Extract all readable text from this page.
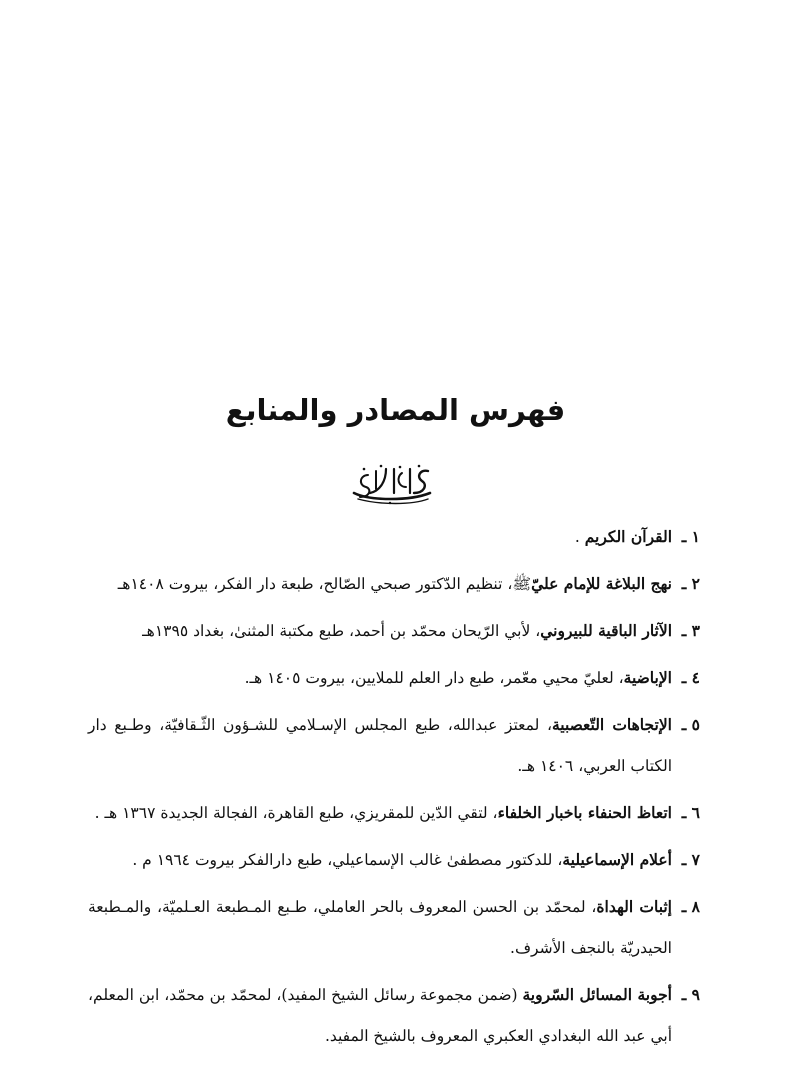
فهرس المصادر والمنابع
١ ـ
القرآن الكريم .
٢ ـ
نهج البلاغة للإمام عليّﷺ، تنظيم الدّكتور صبحي الصّالح، طبعة دار الفكر، بيروت ١٤٠٨هـ
٣ ـ
الآثار الباقية للبيروني، لأبي الرّيحان محمّد بن أحمد، طبع مكتبة المثنىٰ، بغداد ١٣٩٥هـ
٤ ـ
الإباضية، لعليّ محيي معّمر، طبع دار العلم للملايين، بيروت ١٤٠٥ هـ.
٥ ـ
الإتجاهات التّعصبية، لمعتز عبدالله، طبع المجلس الإسـلامي للشـؤون الثّـقافيّة، وطـبع دار الكتاب العربي، ١٤٠٦ هـ.
٦ ـ
اتعاظ الحنفاء باخبار الخلفاء، لتقي الدّين للمقريزي، طبع القاهرة، الفجالة الجديدة ١٣٦٧ هـ .
٧ ـ
أعلام الإسماعيلية، للدكتور مصطفىٰ غالب الإسماعيلي، طبع دارالفكر بيروت ١٩٦٤ م .
٨ ـ
إثبات الهداة، لمحمّد بن الحسن المعروف بالحر العاملي، طـبع المـطبعة العـلميّة، والمـطبعة الحيدريّة بالنجف الأشرف.
٩ ـ
أجوبة المسائل السّروية (ضمن مجموعة رسائل الشيخ المفيد)، لمحمّد بن محمّد، ابن المعلم، أبي عبد الله البغدادي العكبري المعروف بالشيخ المفيد.
